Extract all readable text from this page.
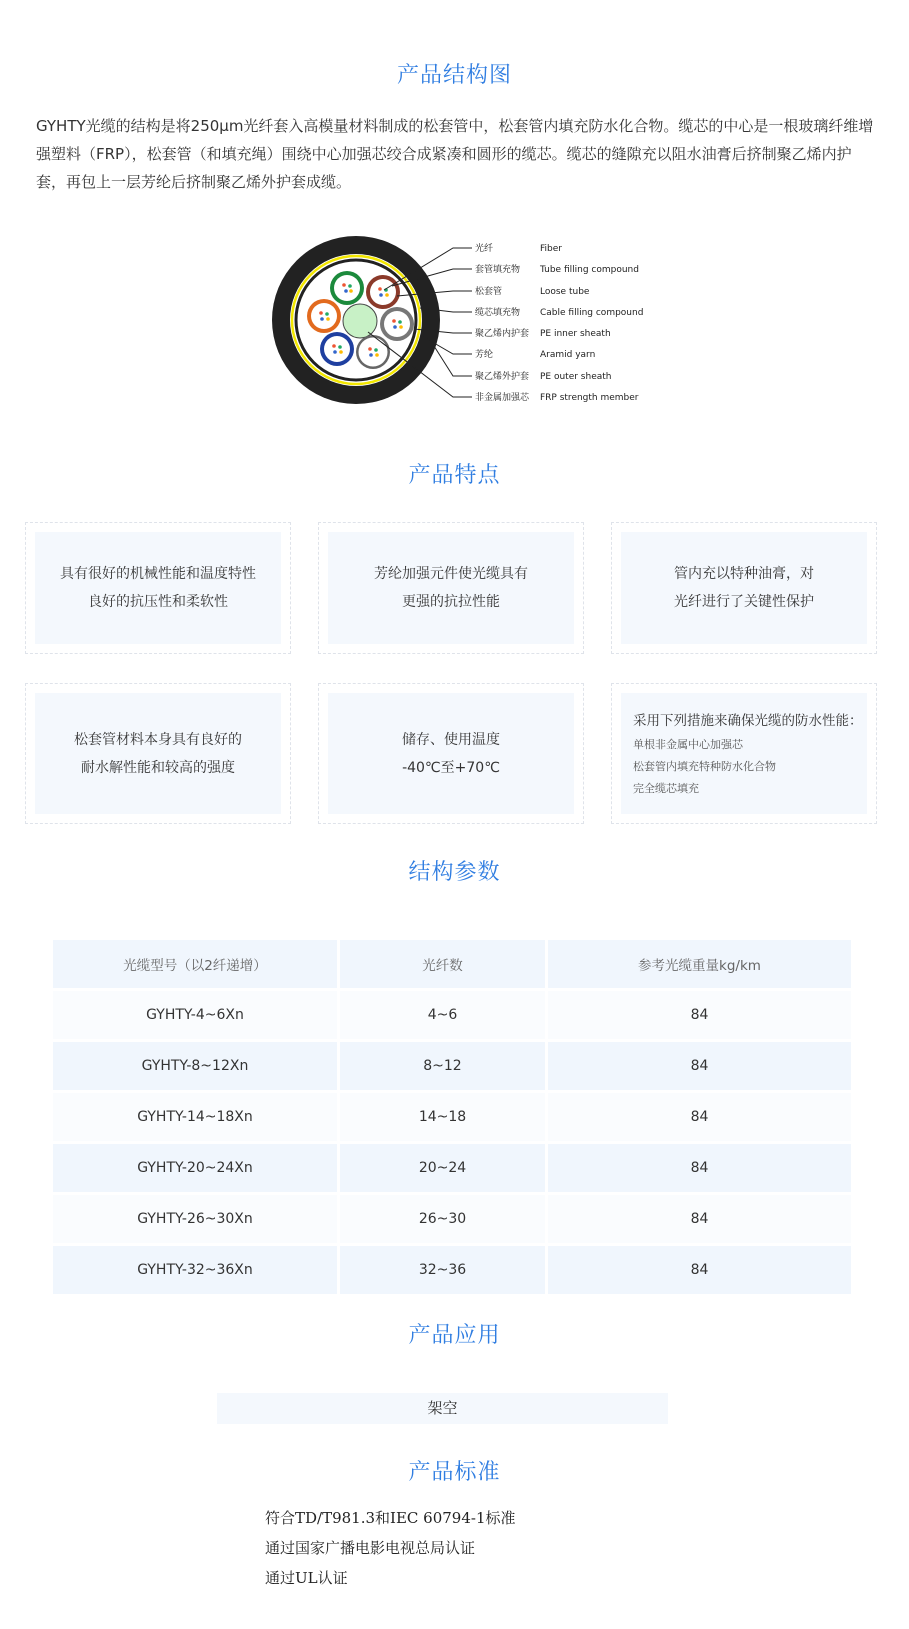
产品结构图

GYHTY光缆的结构是将250μm光纤套入高模量材料制成的松套管中，松套管内填充防水化合物。缆芯的中心是一根玻璃纤维增强塑料（FRP），松套管（和填充绳）围绕中心加强芯绞合成紧凑和圆形的缆芯。缆芯的缝隙充以阻水油膏后挤制聚乙烯内护套，再包上一层芳纶后挤制聚乙烯外护套成缆。

光纤	Fiber
套管填充物 Tube filling compound
松套管	Loose tube
缆芯填充物 Cable filling compound
聚乙烯内护套 PE inner sheath
芳纶	Aramid yarn
聚乙烯外护套 PE outer sheath
非金属加强芯 FRP strength member
产品特点
具有很好的机械性能和温度特性
良好的抗压性和柔软性
芳纶加强元件使光缆具有
更强的抗拉性能
管内充以特种油膏，对
光纤进行了关键性保护
松套管材料本身具有良好的
耐水解性能和较高的强度
储存、使用温度
-40℃至+70℃
采用下列措施来确保光缆的防水性能：
单根非金属中心加强芯
松套管内填充特种防水化合物
完全缆芯填充
结构参数
光缆型号（以2纤递增）	光纤数	参考光缆重量kg/km
GYHTY-4~6Xn	4~6	84
GYHTY-8~12Xn	8~12	84
GYHTY-14~18Xn	14~18	84
GYHTY-20~24Xn	20~24	84
GYHTY-26~30Xn	26~30	84
GYHTY-32~36Xn	32~36	84
产品应用
架空
产品标准
符合TD/T981.3和IEC 60794-1标准
通过国家广播电影电视总局认证
通过UL认证
